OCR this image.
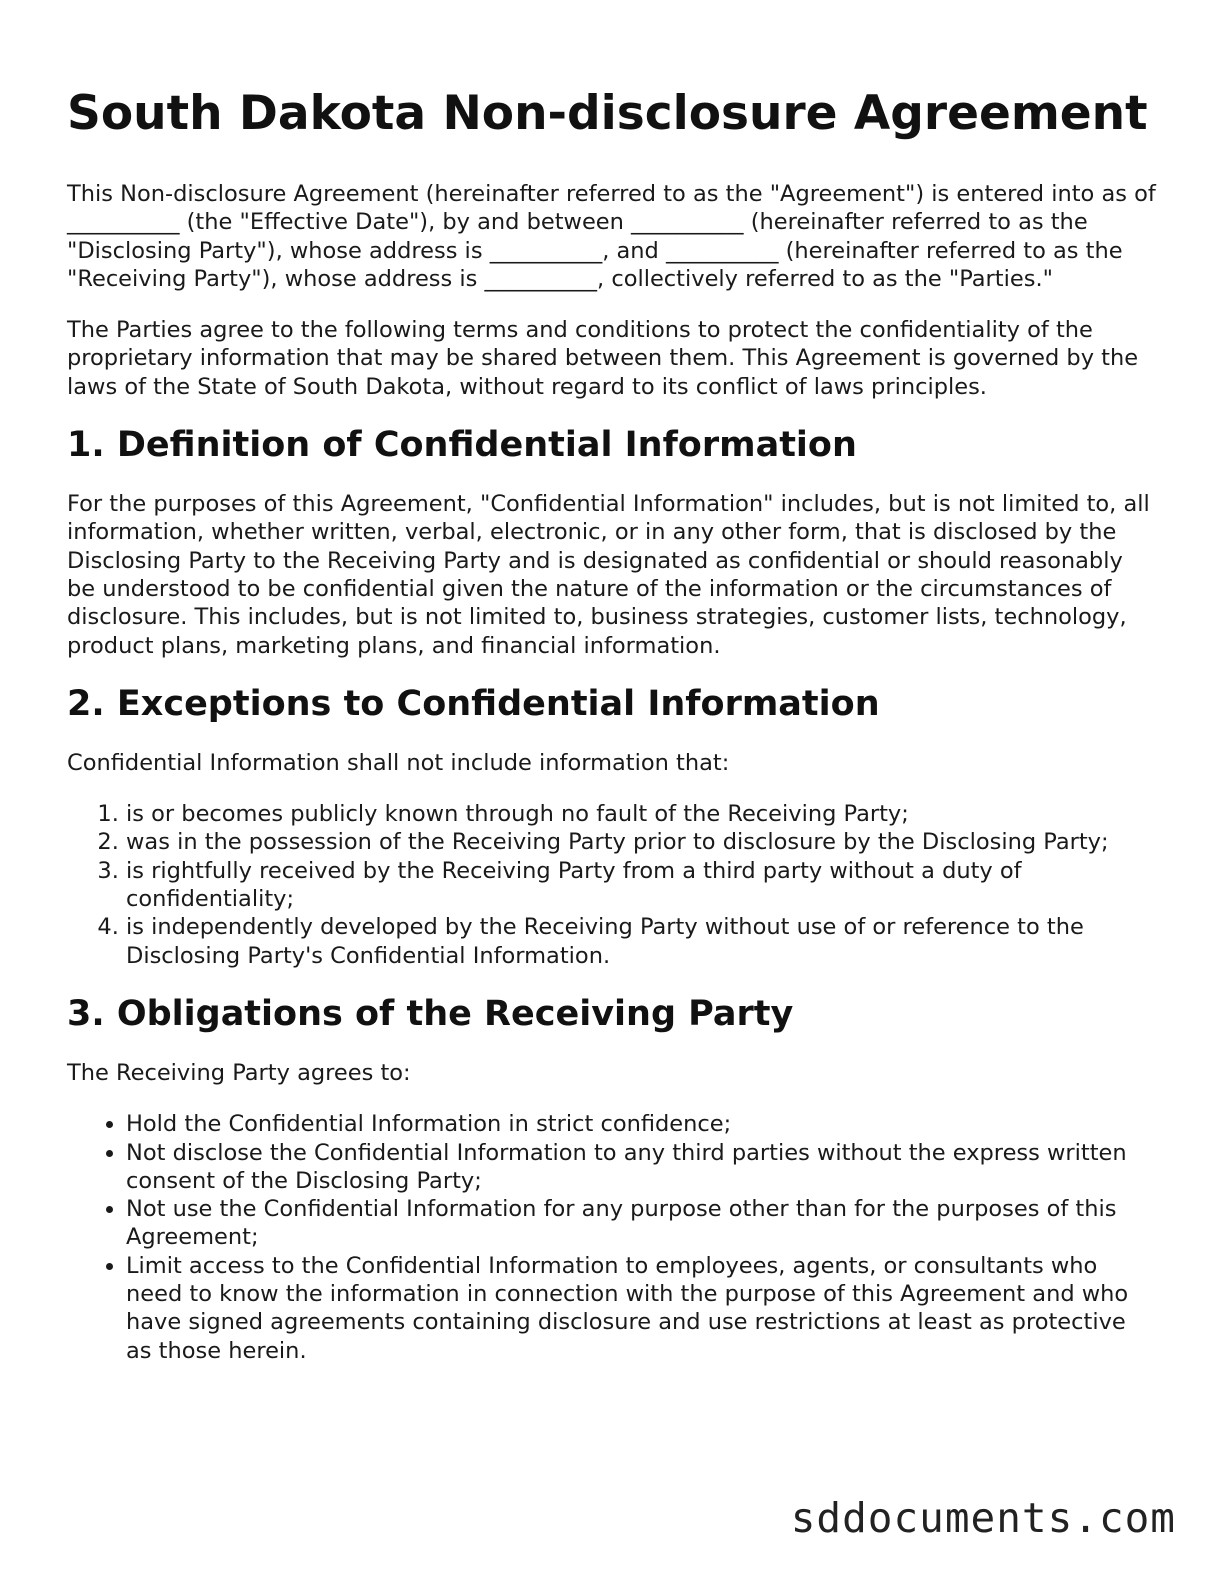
South Dakota Non-disclosure Agreement

This Non-disclosure Agreement (hereinafter referred to as the "Agreement") is entered into as of __________ (the "Effective Date"), by and between __________ (hereinafter referred to as the "Disclosing Party"), whose address is __________, and __________ (hereinafter referred to as the "Receiving Party"), whose address is __________, collectively referred to as the "Parties."

The Parties agree to the following terms and conditions to protect the confidentiality of the proprietary information that may be shared between them. This Agreement is governed by the laws of the State of South Dakota, without regard to its conflict of laws principles.

1. Definition of Confidential Information

For the purposes of this Agreement, "Confidential Information" includes, but is not limited to, all information, whether written, verbal, electronic, or in any other form, that is disclosed by the Disclosing Party to the Receiving Party and is designated as confidential or should reasonably be understood to be confidential given the nature of the information or the circumstances of disclosure. This includes, but is not limited to, business strategies, customer lists, technology, product plans, marketing plans, and financial information.

2. Exceptions to Confidential Information

Confidential Information shall not include information that:

1. is or becomes publicly known through no fault of the Receiving Party;
2. was in the possession of the Receiving Party prior to disclosure by the Disclosing Party;
3. is rightfully received by the Receiving Party from a third party without a duty of confidentiality;
4. is independently developed by the Receiving Party without use of or reference to the Disclosing Party's Confidential Information.
3. Obligations of the Receiving Party

The Receiving Party agrees to:

• Hold the Confidential Information in strict confidence;
• Not disclose the Confidential Information to any third parties without the express written consent of the Disclosing Party;
• Not use the Confidential Information for any purpose other than for the purposes of this Agreement;
• Limit access to the Confidential Information to employees, agents, or consultants who need to know the information in connection with the purpose of this Agreement and who have signed agreements containing disclosure and use restrictions at least as protective as those herein.
sddocuments.com
